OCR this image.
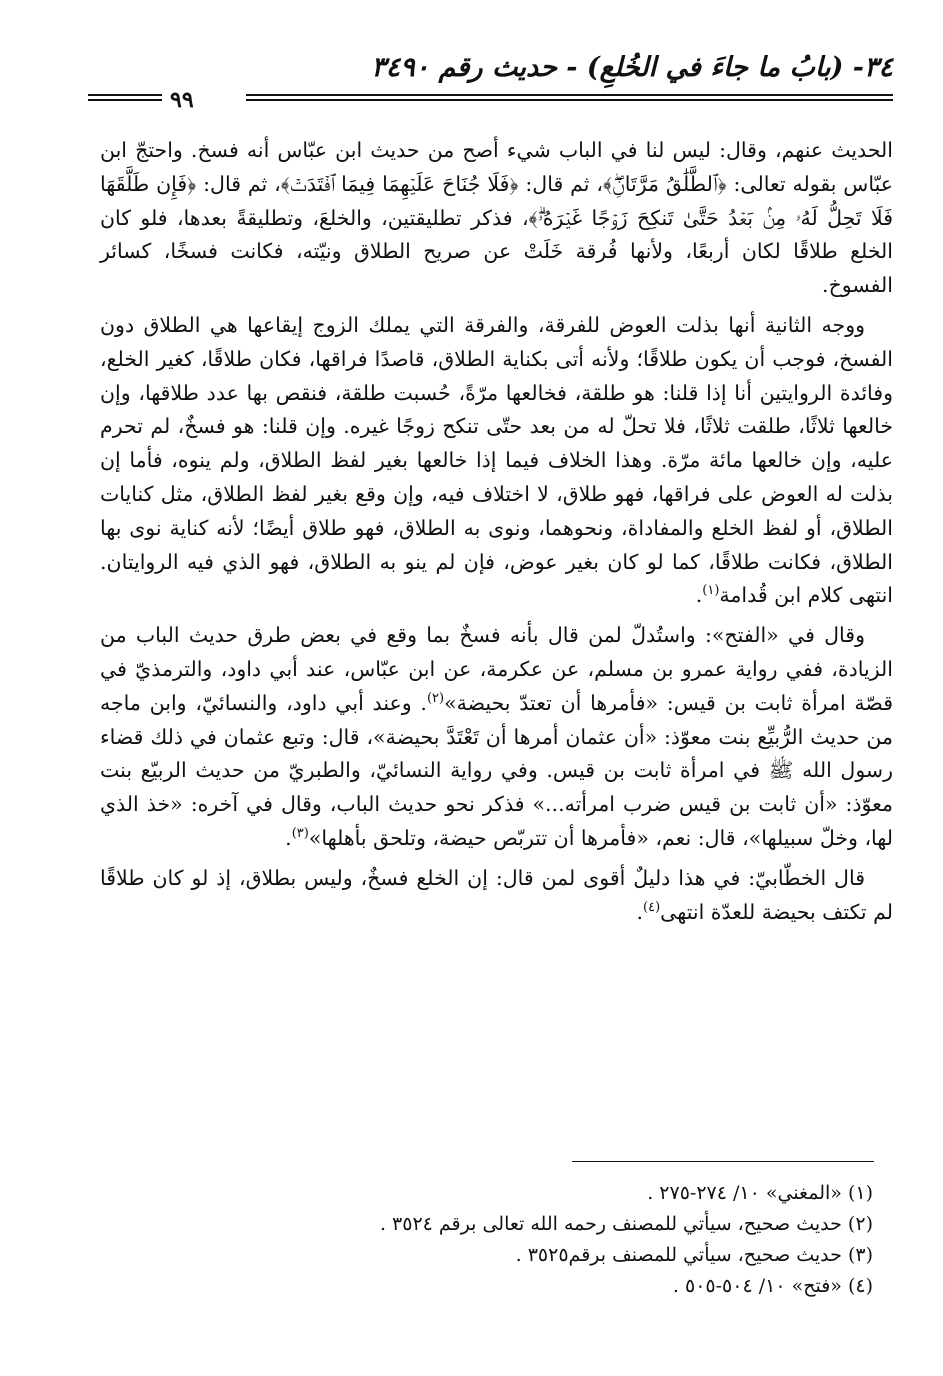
٣٤- (بابُ ما جاءَ في الخُلعِ) - حديث رقم ٣٤٩٠
٩٩

الحديث عنهم، وقال: ليس لنا في الباب شيء أصح من حديث ابن عبّاس أنه فسخ. واحتجّ ابن عبّاس بقوله تعالى: ﴿ٱلطَّلَٰقُ مَرَّتَانِۖ﴾، ثم قال: ﴿فَلَا جُنَاحَ عَلَيۡهِمَا فِيمَا ٱفۡتَدَتۡ﴾، ثم قال: ﴿فَإِن طَلَّقَهَا فَلَا تَحِلُّ لَهُۥ مِنۢ بَعۡدُ حَتَّىٰ تَنكِحَ زَوۡجًا غَيۡرَهُۥۗ﴾، فذكر تطليقتين، والخلعَ، وتطليقةً بعدها، فلو كان الخلع طلاقًا لكان أربعًا، ولأنها فُرقة خَلَتْ عن صريح الطلاق ونيّته، فكانت فسخًا، كسائر الفسوخ.

ووجه الثانية أنها بذلت العوض للفرقة، والفرقة التي يملك الزوج إيقاعها هي الطلاق دون الفسخ، فوجب أن يكون طلاقًا؛ ولأنه أتى بكناية الطلاق، قاصدًا فراقها، فكان طلاقًا، كغير الخلع، وفائدة الروايتين أنا إذا قلنا: هو طلقة، فخالعها مرّةً، حُسبت طلقة، فنقص بها عدد طلاقها، وإن خالعها ثلاثًا، طلقت ثلاثًا، فلا تحلّ له من بعد حتّى تنكح زوجًا غيره. وإن قلنا: هو فسخٌ، لم تحرم عليه، وإن خالعها مائة مرّة. وهذا الخلاف فيما إذا خالعها بغير لفظ الطلاق، ولم ينوه، فأما إن بذلت له العوض على فراقها، فهو طلاق، لا اختلاف فيه، وإن وقع بغير لفظ الطلاق، مثل كنايات الطلاق، أو لفظ الخلع والمفاداة، ونحوهما، ونوى به الطلاق، فهو طلاق أيضًا؛ لأنه كناية نوى بها الطلاق، فكانت طلاقًا، كما لو كان بغير عوض، فإن لم ينو به الطلاق، فهو الذي فيه الروايتان. انتهى كلام ابن قُدامة$^{(١)}$.

وقال في «الفتح»: واستُدلّ لمن قال بأنه فسخٌ بما وقع في بعض طرق حديث الباب من الزيادة، ففي رواية عمرو بن مسلم، عن عكرمة، عن ابن عبّاس، عند أبي داود، والترمذيّ في قصّة امرأة ثابت بن قيس: «فأمرها أن تعتدّ بحيضة»$^{(٢)}$. وعند أبي داود، والنسائيّ، وابن ماجه من حديث الرُّبيِّع بنت معوّذ: «أن عثمان أمرها أن تَعْتَدَّ بحيضة»، قال: وتبع عثمان في ذلك قضاء رسول الله ﷺ في امرأة ثابت بن قيس. وفي رواية النسائيّ، والطبريّ من حديث الربيّع بنت معوّذ: «أن ثابت بن قيس ضرب امرأته...» فذكر نحو حديث الباب، وقال في آخره: «خذ الذي لها، وخلّ سبيلها»، قال: نعم، «فأمرها أن تتربّص حيضة، وتلحق بأهلها»$^{(٣)}$.

قال الخطّابيّ: في هذا دليلٌ أقوى لمن قال: إن الخلع فسخٌ، وليس بطلاق، إذ لو كان طلاقًا لم تكتف بحيضة للعدّة انتهى$^{(٤)}$.

(١) «المغني» ١٠/ ٢٧٤-٢٧٥ .
(٢) حديث صحيح، سيأتي للمصنف رحمه الله تعالى برقم ٣٥٢٤ .
(٣) حديث صحيح، سيأتي للمصنف برقم٣٥٢٥ .
(٤) «فتح» ١٠/ ٥٠٤-٥٠٥ .
